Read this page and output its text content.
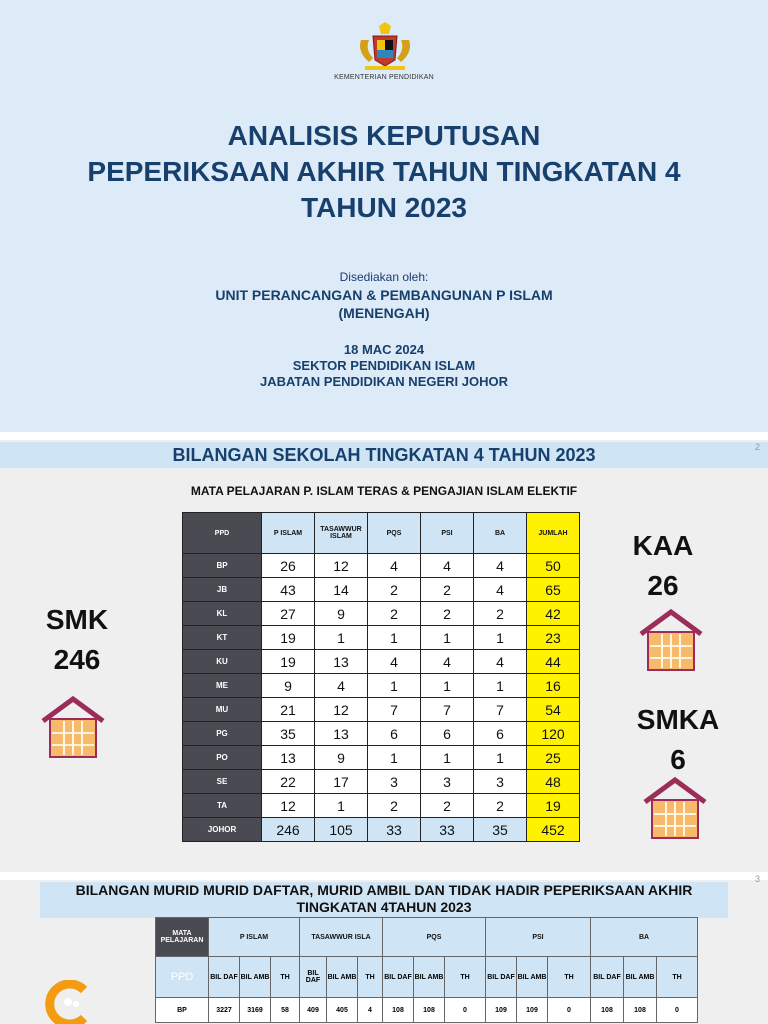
KEMENTERIAN PENDIDIKAN
ANALISIS KEPUTUSAN
PEPERIKSAAN AKHIR TAHUN TINGKATAN 4
TAHUN 2023
Disediakan oleh:
UNIT PERANCANGAN & PEMBANGUNAN P ISLAM
(MENENGAH)
18 MAC 2024
SEKTOR PENDIDIKAN ISLAM
JABATAN PENDIDIKAN NEGERI JOHOR
BILANGAN SEKOLAH TINGKATAN 4 TAHUN 2023	2
MATA PELAJARAN P. ISLAM TERAS & PENGAJIAN ISLAM ELEKTIF
PPD	P ISLAM	TASAWWUR ISLAM	PQS	PSI	BA	JUMLAH
BP	26	12	4	4	4	50
JB	43	14	2	2	4	65
KL	27	9	2	2	2	42
KT	19	1	1	1	1	23
KU	19	13	4	4	4	44
ME	9	4	1	1	1	16
MU	21	12	7	7	7	54
PG	35	13	6	6	6	120
PO	13	9	1	1	1	25
SE	22	17	3	3	3	48
TA	12	1	2	2	2	19
JOHOR	246	105	33	33	35	452
SMK
246
KAA
26
SMKA
6
BILANGAN MURID MURID DAFTAR, MURID AMBIL DAN TIDAK HADIR PEPERIKSAAN AKHIR
TINGKATAN 4TAHUN 2023
3
MATA PELAJARAN	P ISLAM			TASAWWUR ISLA			PQS			PSI			BA		
PPD	BIL DAF	BIL AMB	TH	BIL DAF	BIL AMB	TH	BIL DAF	BIL AMB	TH	BIL DAF	BIL AMB	TH	BIL DAF	BIL AMB	TH
BP	3227	3169	58	409	405	4	108	108	0	109	109	0	108	108	0
